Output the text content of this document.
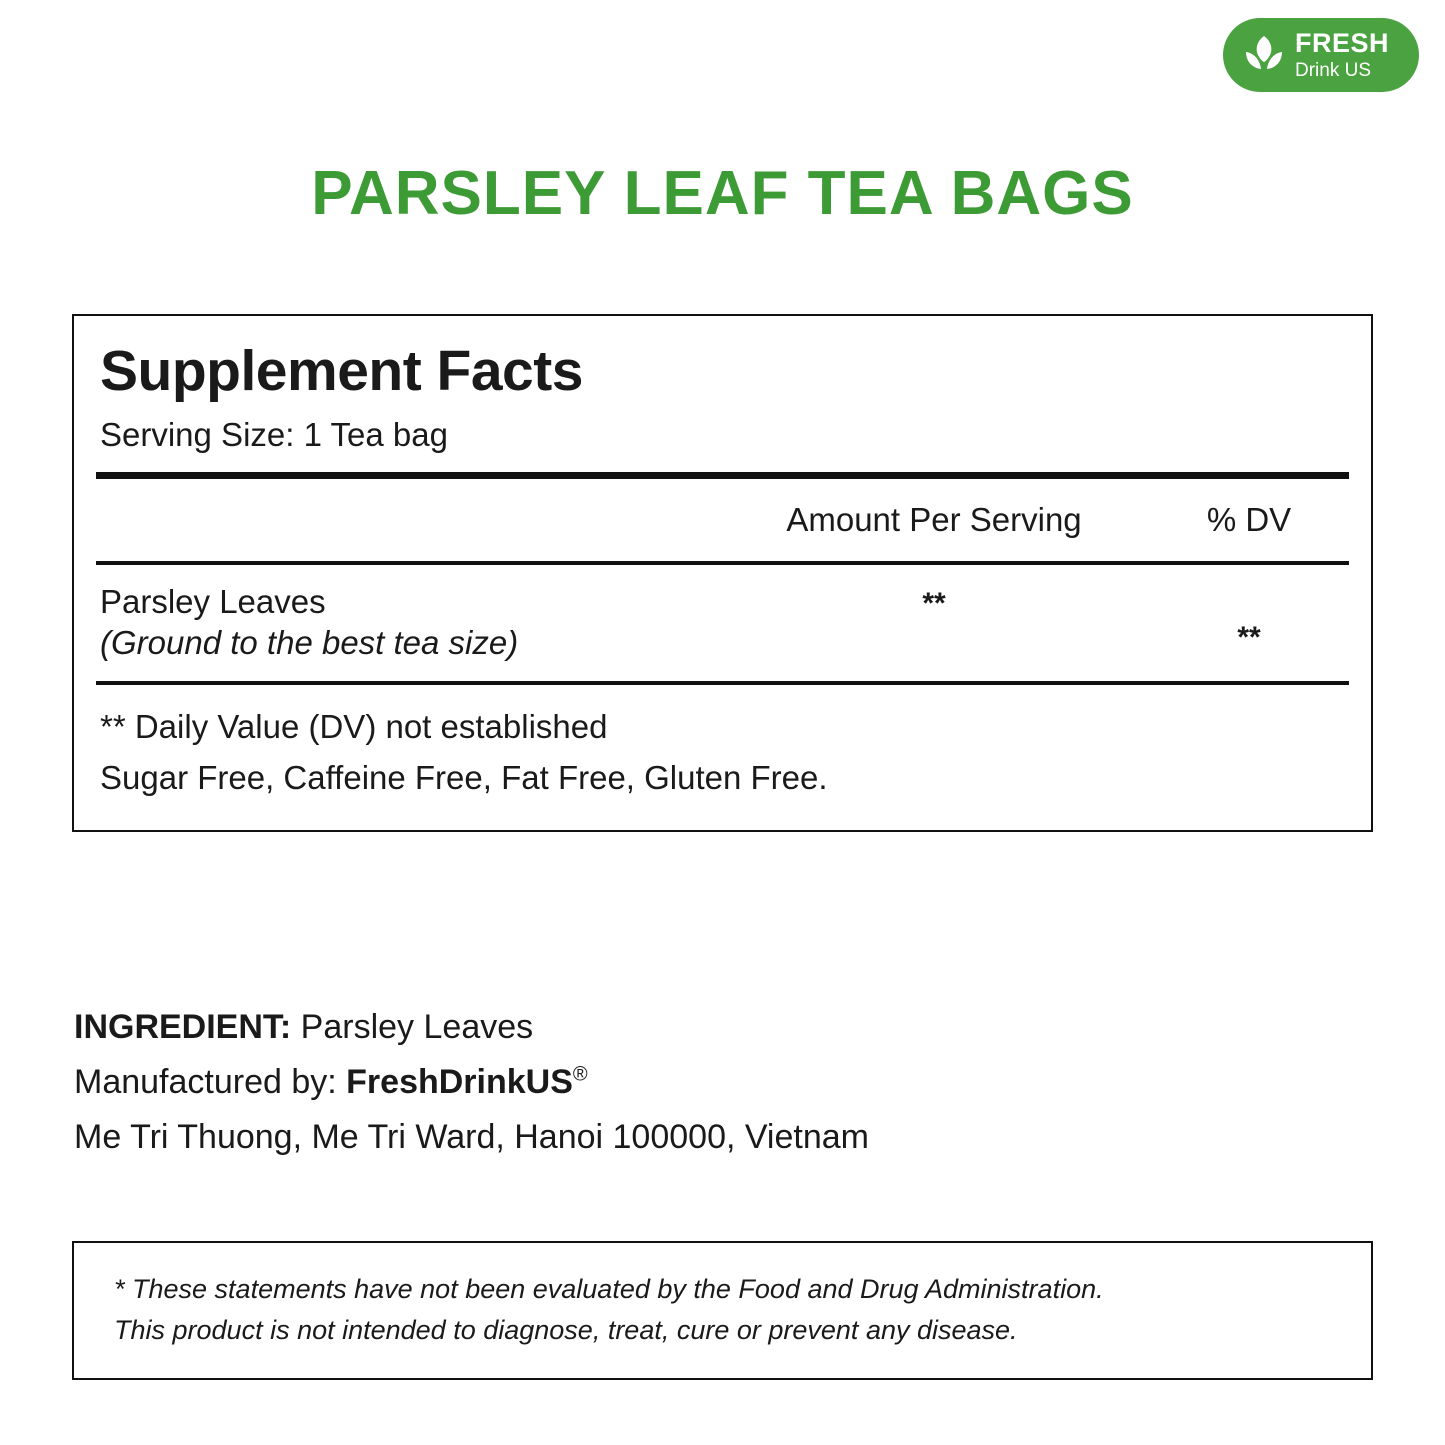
FRESH
Drink US
PARSLEY LEAF TEA BAGS
Supplement Facts
Serving Size: 1 Tea bag
Amount Per Serving	% DV
Parsley Leaves
(Ground to the best tea size)
**
**
** Daily Value (DV) not established
Sugar Free, Caffeine Free, Fat Free, Gluten Free.
INGREDIENT: Parsley Leaves
Manufactured by: FreshDrinkUS®
Me Tri Thuong, Me Tri Ward, Hanoi 100000, Vietnam
* These statements have not been evaluated by the Food and Drug Administration.
This product is not intended to diagnose, treat, cure or prevent any disease.
